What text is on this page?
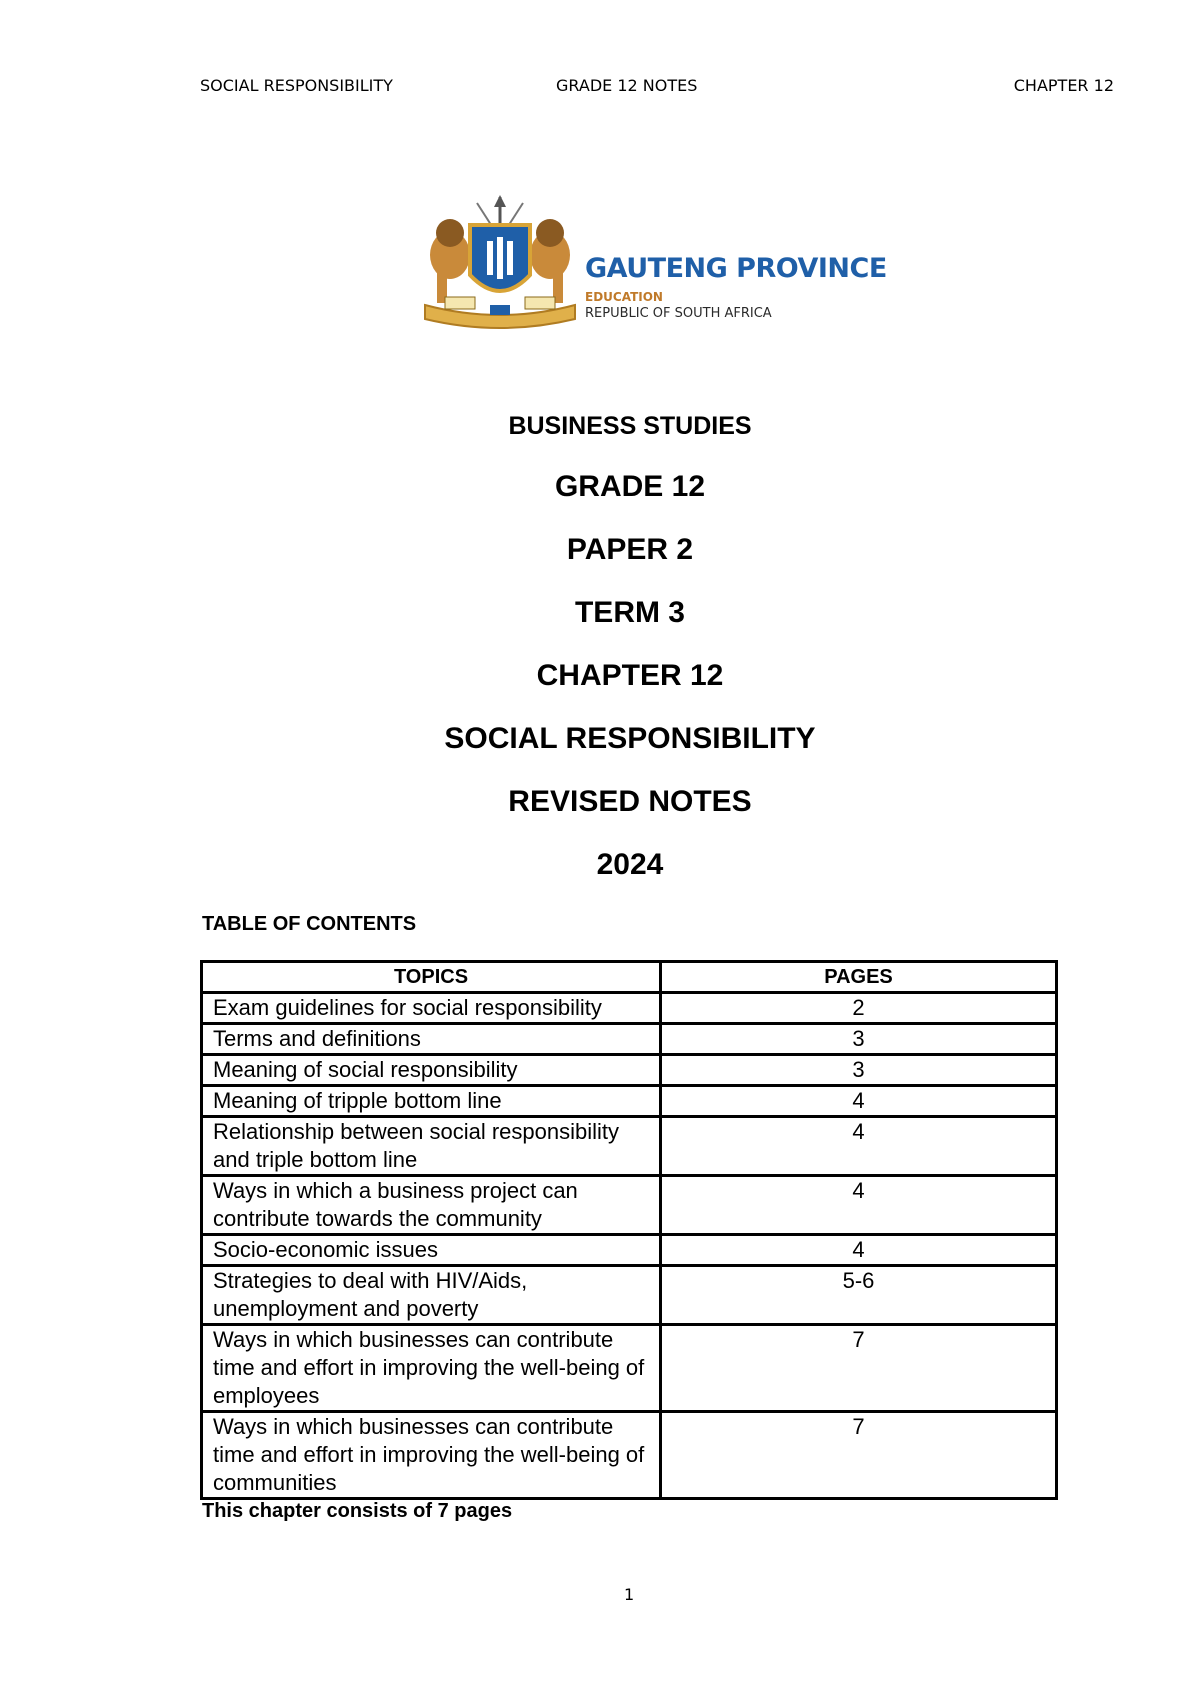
SOCIAL RESPONSIBILITY	GRADE 12 NOTES	CHAPTER 12
GAUTENG PROVINCE
EDUCATION
REPUBLIC OF SOUTH AFRICA
BUSINESS STUDIES
GRADE 12
PAPER 2
TERM 3
CHAPTER 12
SOCIAL RESPONSIBILITY
REVISED NOTES
2024
TABLE OF CONTENTS
TOPICS	PAGES
Exam guidelines for social responsibility	2
Terms and definitions	3
Meaning of social responsibility	3
Meaning of tripple bottom line	4
Relationship between social responsibility and triple bottom line	4
Ways in which a business project can contribute towards the community	4
Socio-economic issues	4
Strategies to deal with HIV/Aids, unemployment and poverty	5-6
Ways in which businesses can contribute time and effort in improving the well-being of employees	7
Ways in which businesses can contribute time and effort in improving the well-being of communities	7
This chapter consists of 7 pages
1
